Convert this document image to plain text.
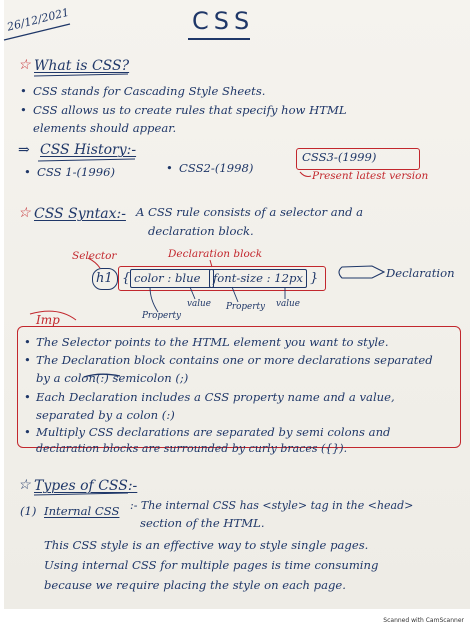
26/12/2021	CSS
☆ What is CSS?
• CSS stands for Cascading Style Sheets.
• CSS allows us to create rules that specify how HTML
elements should appear.
⇒ CSS History:-
• CSS 1-(1996)	• CSS2-(1998)
CSS3-(1999)
Present latest version
☆ CSS Syntax:- A CSS rule consists of a selector and a
declaration block.
Selector	Declaration block
h1 { color : blue font-size : 12px }	Declaration
Property
value Property value
Imp
• The Selector points to the HTML element you want to style.
• The Declaration block contains one or more declarations separated
by a colon(:) semicolon (;)
• Each Declaration includes a CSS property name and a value,
separated by a colon (:)
• Multiply CSS declarations are separated by semi colons and
declaration blocks are surrounded by curly braces ({}).
☆ Types of CSS:-
(1) Internal CSS :- The internal CSS has <style> tag in the <head>
section of the HTML.
This CSS style is an effective way to style single pages.
Using internal CSS for multiple pages is time consuming
because we require placing the style on each page.
Scanned with CamScanner
